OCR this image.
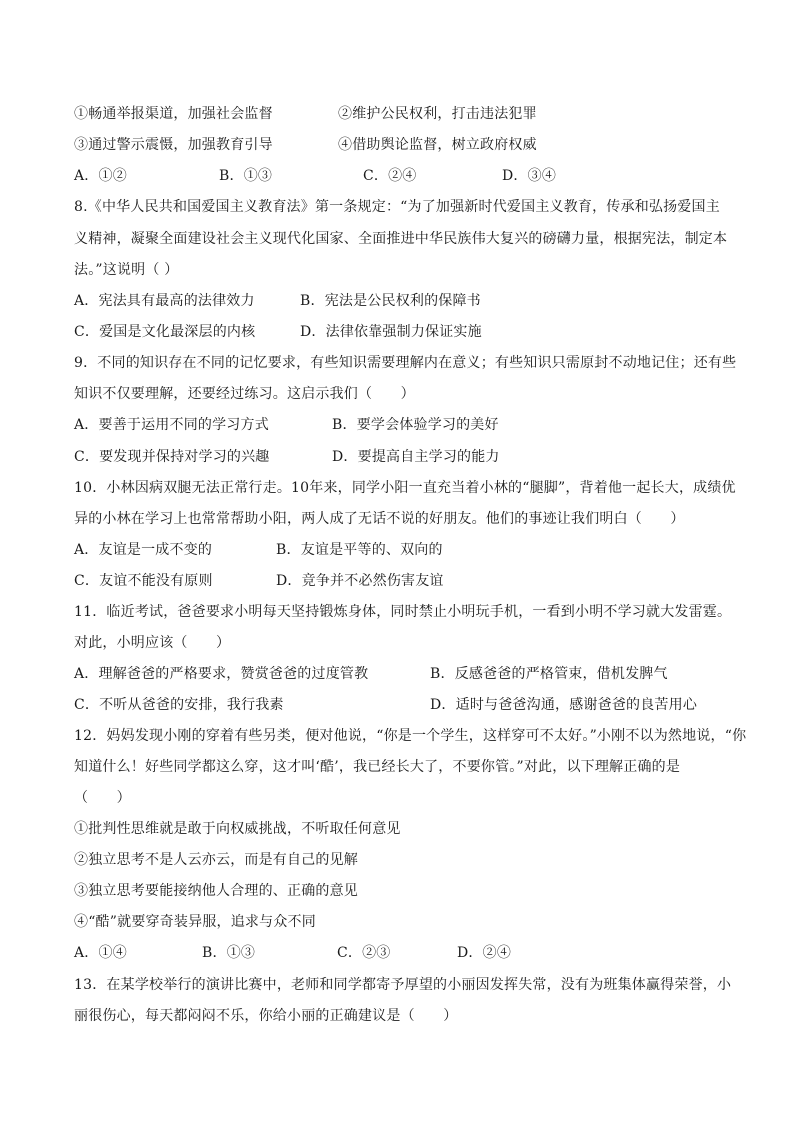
①畅通举报渠道，加强社会监督	②维护公民权利，打击违法犯罪
③通过警示震慑，加强教育引导	④借助舆论监督，树立政府权威
A．①②	B．①③	C．②④	D．③④
8.《中华人民共和国爱国主义教育法》第一条规定：“为了加强新时代爱国主义教育，传承和弘扬爱国主
义精神，凝聚全面建设社会主义现代化国家、全面推进中华民族伟大复兴的磅礴力量，根据宪法，制定本
法。”这说明（ ）
A．宪法具有最高的法律效力	B．宪法是公民权利的保障书
C．爱国是文化最深层的内核	D．法律依靠强制力保证实施
9．不同的知识存在不同的记忆要求，有些知识需要理解内在意义；有些知识只需原封不动地记住；还有些
知识不仅要理解，还要经过练习。这启示我们（　　）
A．要善于运用不同的学习方式	B．要学会体验学习的美好
C．要发现并保持对学习的兴趣	D．要提高自主学习的能力
10．小林因病双腿无法正常行走。10年来，同学小阳一直充当着小林的“腿脚”，背着他一起长大，成绩优
异的小林在学习上也常常帮助小阳，两人成了无话不说的好朋友。他们的事迹让我们明白（　　）
A．友谊是一成不变的	B．友谊是平等的、双向的
C．友谊不能没有原则	D．竞争并不必然伤害友谊
11．临近考试，爸爸要求小明每天坚持锻炼身体，同时禁止小明玩手机，一看到小明不学习就大发雷霆。
对此，小明应该（　　）
A．理解爸爸的严格要求，赞赏爸爸的过度管教	B．反感爸爸的严格管束，借机发脾气
C．不听从爸爸的安排，我行我素	D．适时与爸爸沟通，感谢爸爸的良苦用心
12．妈妈发现小刚的穿着有些另类，便对他说，“你是一个学生，这样穿可不太好。”小刚不以为然地说，“你
知道什么！好些同学都这么穿，这才叫‘酷’，我已经长大了，不要你管。”对此，以下理解正确的是
（　　）
①批判性思维就是敢于向权威挑战，不听取任何意见
②独立思考不是人云亦云，而是有自己的见解
③独立思考要能接纳他人合理的、正确的意见
④“酷”就要穿奇装异服，追求与众不同
A．①④	B．①③	C．②③	D．②④
13．在某学校举行的演讲比赛中，老师和同学都寄予厚望的小丽因发挥失常，没有为班集体赢得荣誉，小
丽很伤心，每天都闷闷不乐，你给小丽的正确建议是（　　）
